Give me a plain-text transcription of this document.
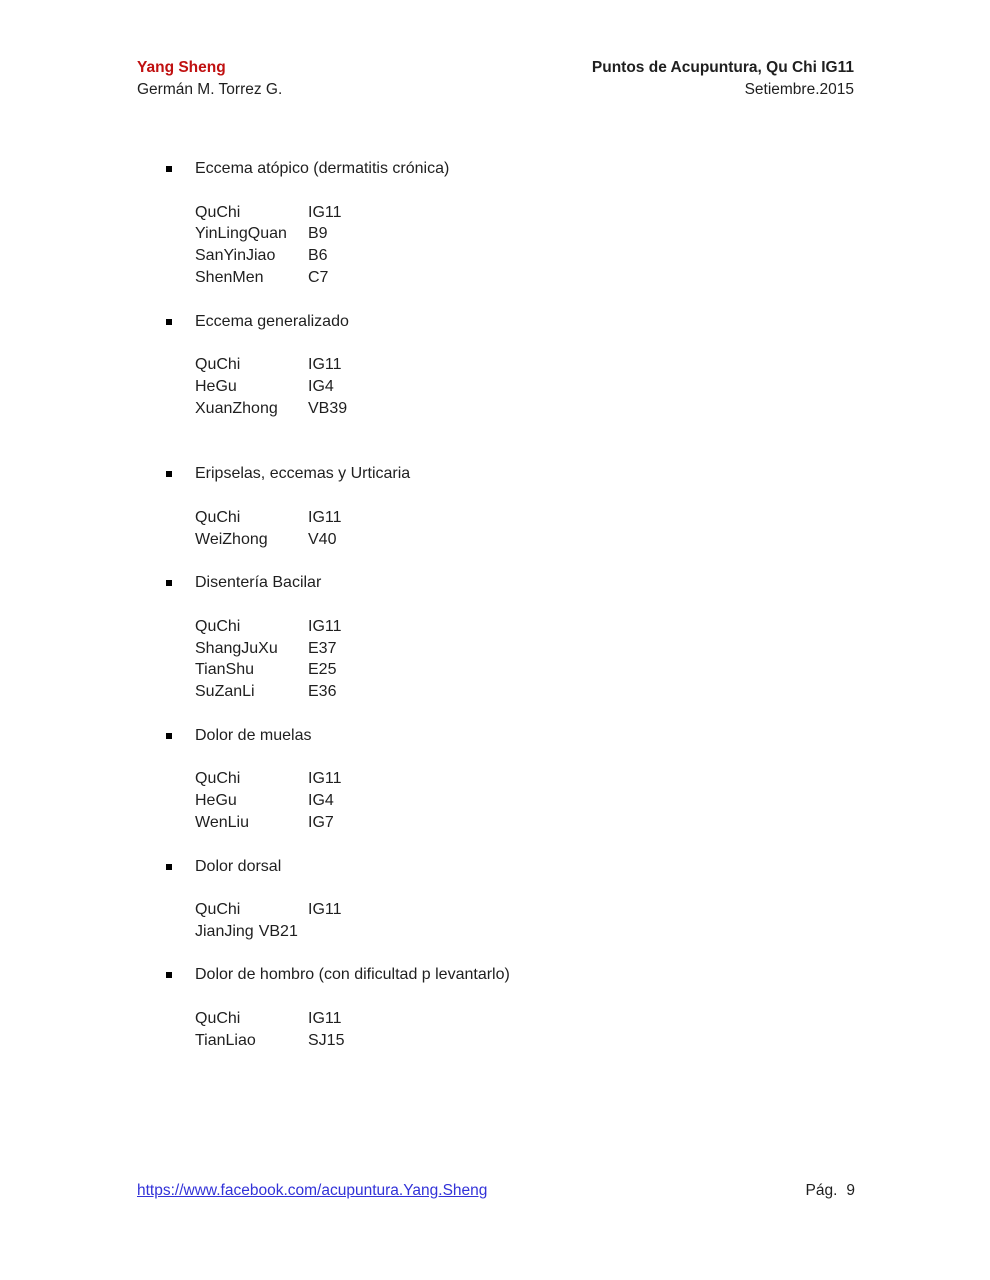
Yang Sheng
Germán M. Torrez G.
Puntos de Acupuntura, Qu Chi IG11
Setiembre.2015
Eccema atópico (dermatitis crónica)
QuChi	IG11
YinLingQuan B9
SanYinJiao B6
ShenMen	C7
Eccema generalizado
QuChi	IG11
HeGu	IG4
XuanZhong VB39
Eripselas, eccemas y Urticaria
QuChi	IG11
WeiZhong	V40
Disentería Bacilar
QuChi	IG11
ShangJuXu E37
TianShu	E25
SuZanLi	E36
Dolor de muelas
QuChi	IG11
HeGu	IG4
WenLiu	IG7
Dolor dorsal
QuChi	IG11
JianJing VB21
Dolor de hombro (con dificultad p levantarlo)
QuChi	IG11
TianLiao	SJ15
https://www.facebook.com/acupuntura.Yang.Sheng	Pág. 9
